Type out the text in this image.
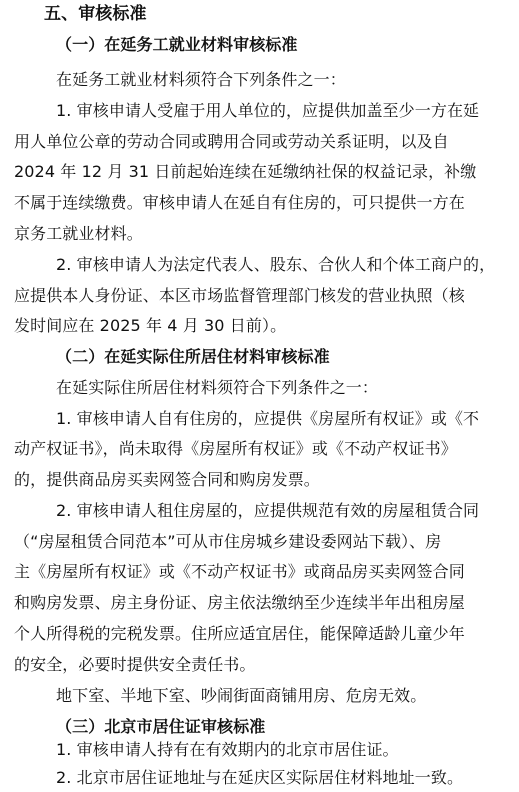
五、审核标准
（一）在延务工就业材料审核标准
在延务工就业材料须符合下列条件之一：
1. 审核申请人受雇于用人单位的，应提供加盖至少一方在延
用人单位公章的劳动合同或聘用合同或劳动关系证明，以及自
2024 年 12 月 31 日前起始连续在延缴纳社保的权益记录，补缴
不属于连续缴费。审核申请人在延自有住房的，可只提供一方在
京务工就业材料。
2. 审核申请人为法定代表人、股东、合伙人和个体工商户的，
应提供本人身份证、本区市场监督管理部门核发的营业执照（核
发时间应在 2025 年 4 月 30 日前）。
（二）在延实际住所居住材料审核标准
在延实际住所居住材料须符合下列条件之一：
1. 审核申请人自有住房的，应提供《房屋所有权证》或《不
动产权证书》，尚未取得《房屋所有权证》或《不动产权证书》
的，提供商品房买卖网签合同和购房发票。
2. 审核申请人租住房屋的，应提供规范有效的房屋租赁合同
（“房屋租赁合同范本”可从市住房城乡建设委网站下载）、房
主《房屋所有权证》或《不动产权证书》或商品房买卖网签合同
和购房发票、房主身份证、房主依法缴纳至少连续半年出租房屋
个人所得税的完税发票。住所应适宜居住，能保障适龄儿童少年
的安全，必要时提供安全责任书。
地下室、半地下室、吵闹街面商铺用房、危房无效。
（三）北京市居住证审核标准
1. 审核申请人持有在有效期内的北京市居住证。
2. 北京市居住证地址与在延庆区实际居住材料地址一致。
